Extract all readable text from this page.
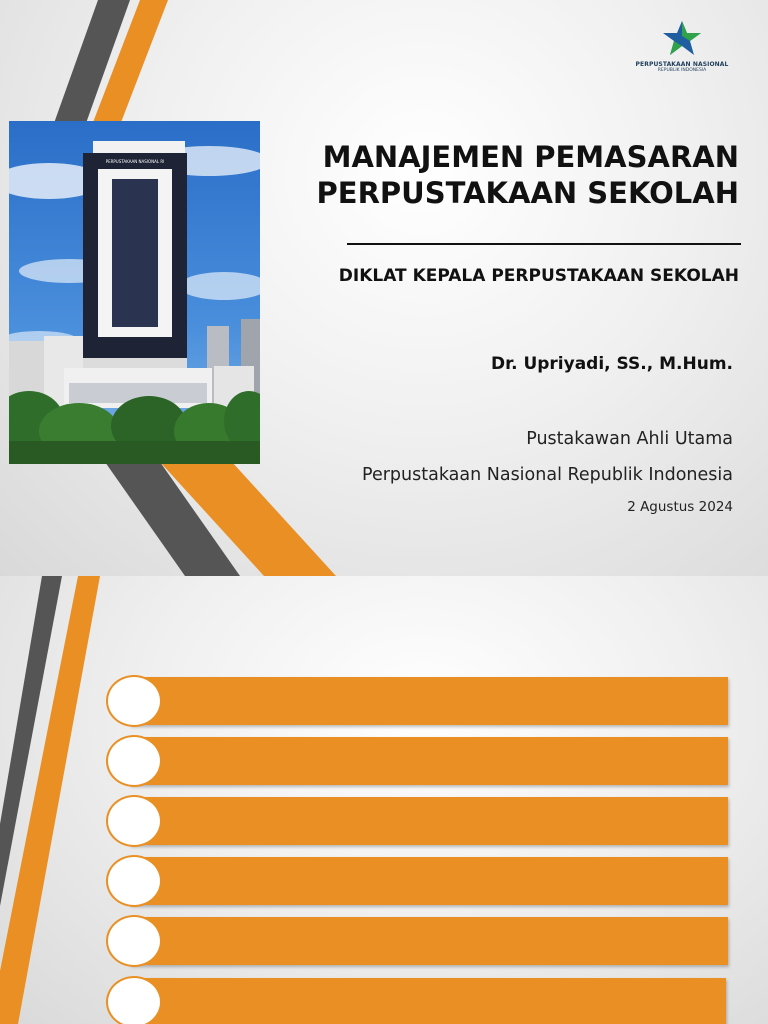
PERPUSTAKAAN NASIONAL
REPUBLIK INDONESIA
PERPUSTAKAAN NASIONAL RI	MANAJEMEN PEMASARAN
PERPUSTAKAAN SEKOLAH
DIKLAT KEPALA PERPUSTAKAAN SEKOLAH
Dr. Upriyadi, SS., M.Hum.
Pustakawan Ahli Utama
Perpustakaan Nasional Republik Indonesia
2 Agustus 2024
